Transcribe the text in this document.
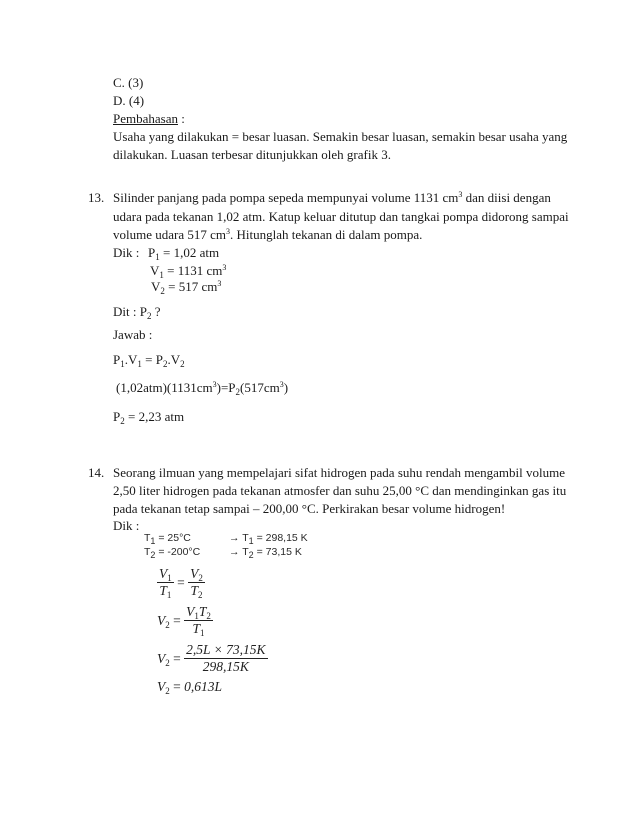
C. (3)
D. (4)
Pembahasan :
Usaha yang dilakukan = besar luasan. Semakin besar luasan, semakin besar usaha yang
dilakukan. Luasan terbesar ditunjukkan oleh grafik 3.
13. Silinder panjang pada pompa sepeda mempunyai volume 1131 $cm^3$ dan diisi dengan
udara pada tekanan 1,02 atm. Katup keluar ditutup dan tangkai pompa didorong sampai
volume udara 517 $cm^3$. Hitunglah tekanan di dalam pompa.
Dik : $P_1 = 1,02$ atm
$V_1 = 1131$ $cm^3$
$V_2 = 517$ $cm^3$
Dit : $P_2$ ?
Jawab :
$P_1.V_1 = P_2.V_2$
$(1,02atm)(1131cm^3)=P_2(517cm^3)$
$P_2 = 2,23$ atm
14. Seorang ilmuan yang mempelajari sifat hidrogen pada suhu rendah mengambil volume
2,50 liter hidrogen pada tekanan atmosfer dan suhu 25,00 °C dan mendinginkan gas itu
pada tekanan tetap sampai – 200,00 °C. Perkirakan besar volume hidrogen!
Dik :
$T_1 = 25^\circ C$	→ $T_1 = 298,15$ K
$T_2 = -200^\circ C$	→ $T_2 = 73,15$ K
$\frac{V_1}{T_1} = \frac{V_2}{T_2}$
$V_2 = \frac{V_1T_2}{T_1}$
$V_2 = \frac{2,5L \times 73,15K}{298,15K}$
$V_2 = 0,613L$
